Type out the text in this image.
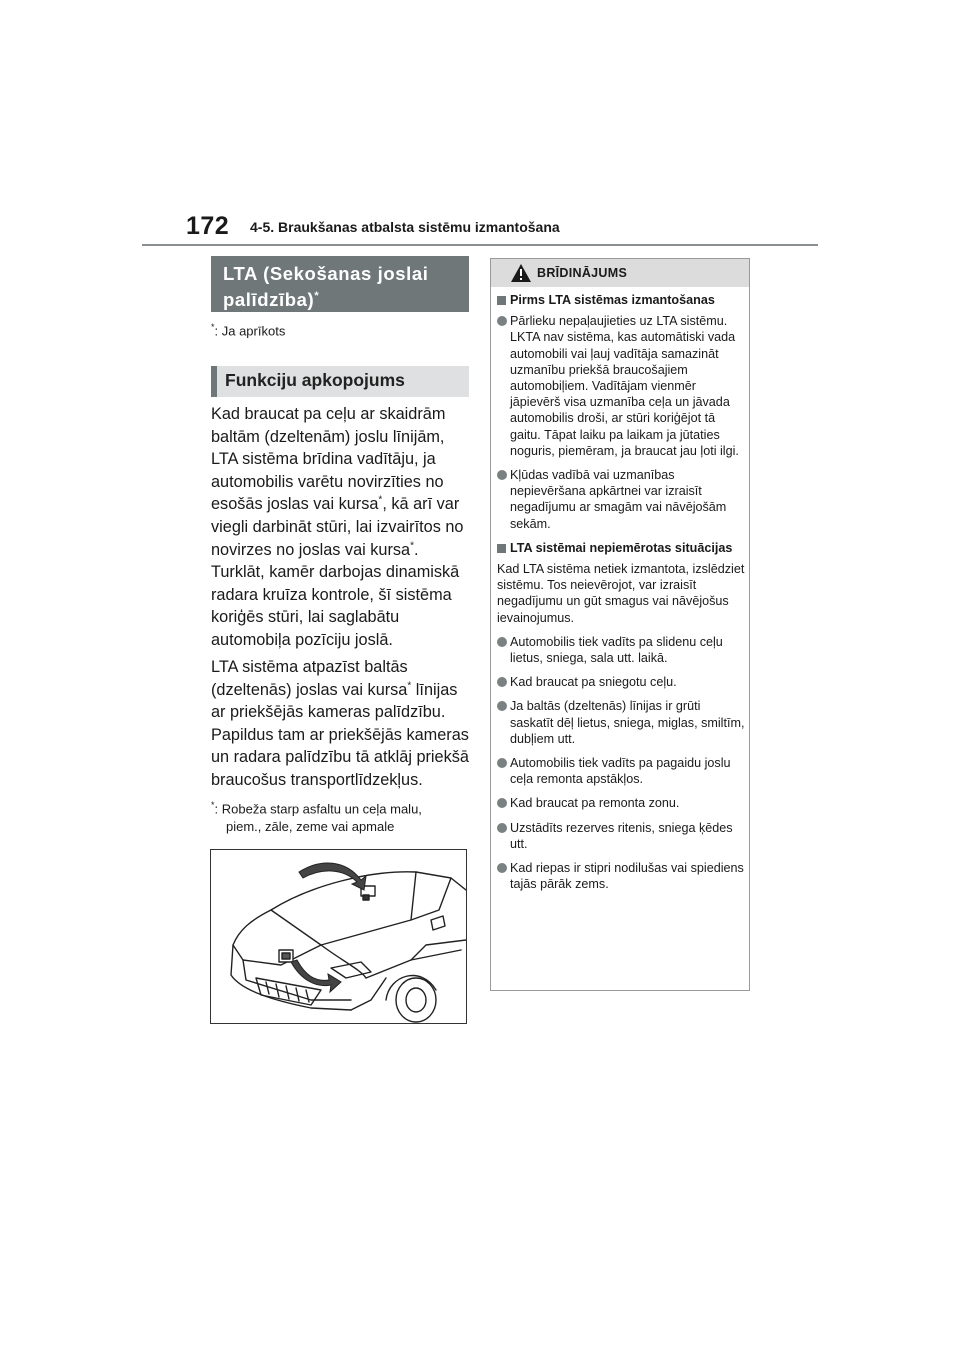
172 4-5. Braukšanas atbalsta sistēmu izmantošana
LTA (Sekošanas joslai
palīdzība)*
*: Ja aprīkots
Funkciju apkopojums
Kad braucat pa ceļu ar skaidrām baltām (dzeltenām) joslu līnijām, LTA sistēma brīdina vadītāju, ja automobilis varētu novirzīties no esošās joslas vai kursa*, kā arī var viegli darbināt stūri, lai izvairītos no novirzes no joslas vai kursa*. Turklāt, kamēr darbojas dinamiskā radara kruīza kontrole, šī sistēma koriģēs stūri, lai saglabātu automobiļa pozīciju joslā.
LTA sistēma atpazīst baltās (dzeltenās) joslas vai kursa* līnijas ar priekšējās kameras palīdzību. Papildus tam ar priekšējās kameras un radara palīdzību tā atklāj priekšā braucošus transportlīdzekļus.
*: Robeža starp asfaltu un ceļa malu,
piem., zāle, zeme vai apmale
BRĪDINĀJUMS

Pirms LTA sistēmas izmantošanas

Pārlieku nepaļaujieties uz LTA sistēmu. LKTA nav sistēma, kas automātiski vada automobili vai ļauj vadītāja samazināt uzmanību priekšā braucošajiem automobiļiem. Vadītājam vienmēr jāpievērš visa uzmanība ceļa un jāvada automobilis droši, ar stūri koriģējot tā gaitu. Tāpat laiku pa laikam ja jūtaties noguris, piemēram, ja braucat jau ļoti ilgi.

Kļūdas vadībā vai uzmanības nepievēršana apkārtnei var izraisīt negadījumu ar smagām vai nāvējošām sekām.

LTA sistēmai nepiemērotas situācijas

Kad LTA sistēma netiek izmantota, izslēdziet sistēmu. Tos neievērojot, var izraisīt negadījumu un gūt smagus vai nāvējošus ievainojumus.

Automobilis tiek vadīts pa slidenu ceļu lietus, sniega, sala utt. laikā.

Kad braucat pa sniegotu ceļu.

Ja baltās (dzeltenās) līnijas ir grūti saskatīt dēļ lietus, sniega, miglas, smiltīm, dubļiem utt.

Automobilis tiek vadīts pa pagaidu joslu ceļa remonta apstākļos.

Kad braucat pa remonta zonu.

Uzstādīts rezerves ritenis, sniega ķēdes utt.

Kad riepas ir stipri nodilušas vai spiediens tajās pārāk zems.
